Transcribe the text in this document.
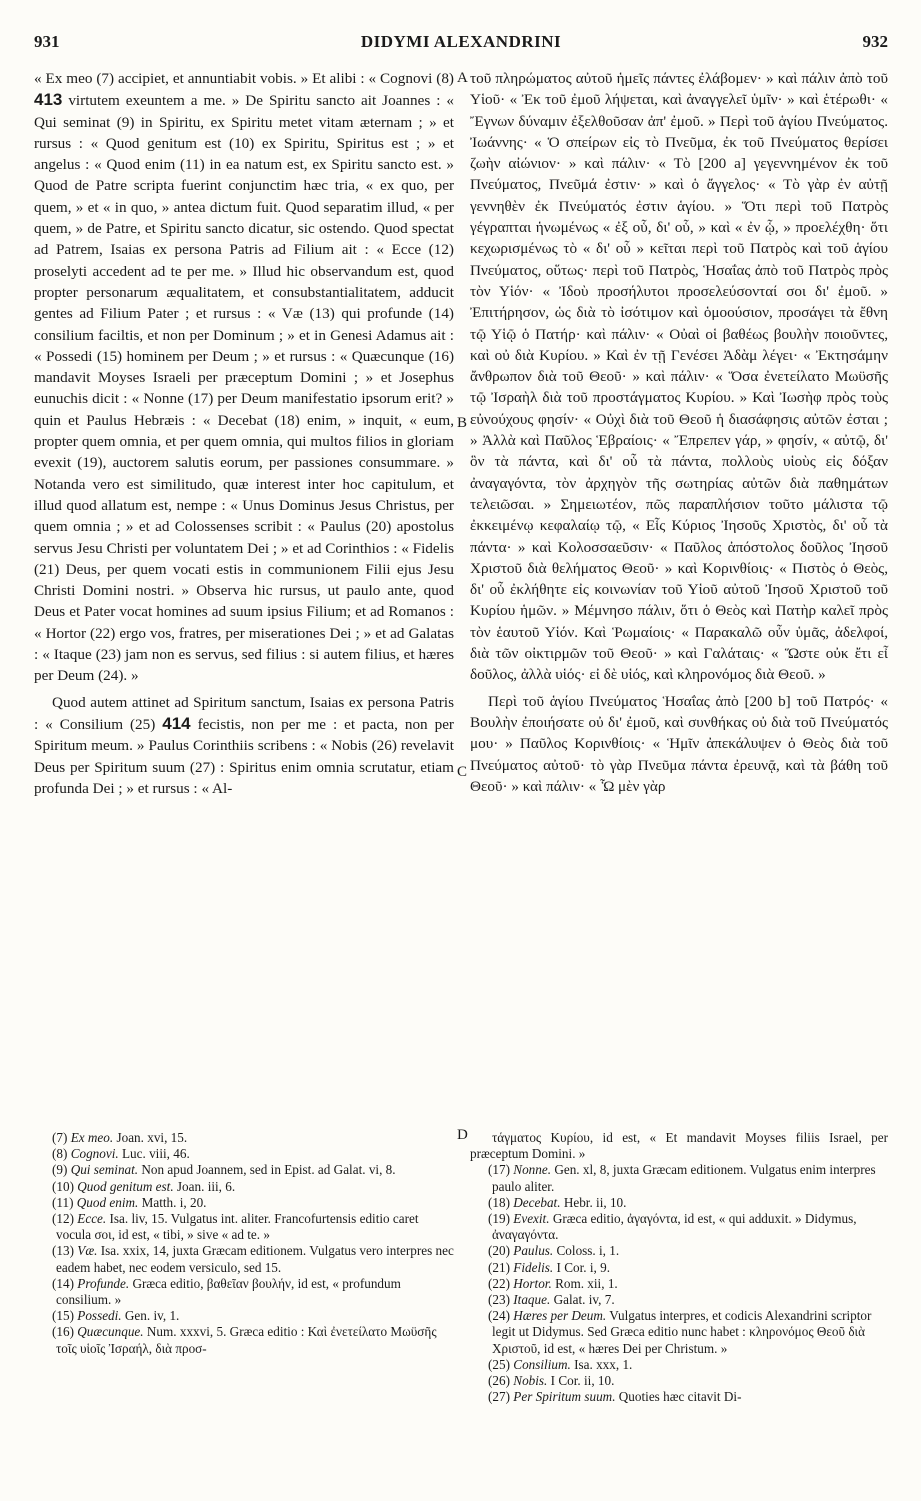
931	DIDYMI ALEXANDRINI	932
A
B
C
D

« Ex meo (7) accipiet, et annuntiabit vobis. » Et alibi : « Cognovi (8) 413 virtutem exeuntem a me. » De Spiritu sancto ait Joannes : « Qui seminat (9) in Spiritu, ex Spiritu metet vitam æternam ; » et rursus : « Quod genitum est (10) ex Spiritu, Spiritus est ; » et angelus : « Quod enim (11) in ea natum est, ex Spiritu sancto est. » Quod de Patre scripta fuerint conjunctim hæc tria, « ex quo, per quem, » et « in quo, » antea dictum fuit. Quod separatim illud, « per quem, » de Patre, et Spiritu sancto dicatur, sic ostendo. Quod spectat ad Patrem, Isaias ex persona Patris ad Filium ait : « Ecce (12) proselyti accedent ad te per me. » Illud hic observandum est, quod propter personarum æqualitatem, et consubstantialitatem, adducit gentes ad Filium Pater ; et rursus : « Væ (13) qui profunde (14) consilium faciltis, et non per Dominum ; » et in Genesi Adamus ait : « Possedi (15) hominem per Deum ; » et rursus : « Quæcunque (16) mandavit Moyses Israeli per præceptum Domini ; » et Josephus eunuchis dicit : « Nonne (17) per Deum manifestatio ipsorum erit? » quin et Paulus Hebræis : « Decebat (18) enim, » inquit, « eum, propter quem omnia, et per quem omnia, qui multos filios in gloriam evexit (19), auctorem salutis eorum, per passiones consummare. » Notanda vero est similitudo, quæ interest inter hoc capitulum, et illud quod allatum est, nempe : « Unus Dominus Jesus Christus, per quem omnia ; » et ad Colossenses scribit : « Paulus (20) apostolus servus Jesu Christi per voluntatem Dei ; » et ad Corinthios : « Fidelis (21) Deus, per quem vocati estis in communionem Filii ejus Jesu Christi Domini nostri. » Observa hic rursus, ut paulo ante, quod Deus et Pater vocat homines ad suum ipsius Filium; et ad Romanos : « Hortor (22) ergo vos, fratres, per miserationes Dei ; » et ad Galatas : « Itaque (23) jam non es servus, sed filius : si autem filius, et hæres per Deum (24). »

Quod autem attinet ad Spiritum sanctum, Isaias ex persona Patris : « Consilium (25) 414 fecistis, non per me : et pacta, non per Spiritum meum. » Paulus Corinthiis scribens : « Nobis (26) revelavit Deus per Spiritum suum (27) : Spiritus enim omnia scrutatur, etiam profunda Dei ; » et rursus : « Al-

τοῦ πληρώματος αὐτοῦ ἡμεῖς πάντες ἐλάβομεν· » καὶ πάλιν ἀπὸ τοῦ Υἱοῦ· « Ἐκ τοῦ ἐμοῦ λήψεται, καὶ ἀναγγελεῖ ὑμῖν· » καὶ ἑτέρωθι· « Ἔγνων δύναμιν ἐξελθοῦσαν ἀπ' ἐμοῦ. » Περὶ τοῦ ἁγίου Πνεύματος. Ἰωάννης· « Ὁ σπείρων εἰς τὸ Πνεῦμα, ἐκ τοῦ Πνεύματος θερίσει ζωὴν αἰώνιον· » καὶ πάλιν· « Τὸ [200 a] γεγεννημένον ἐκ τοῦ Πνεύματος, Πνεῦμά ἐστιν· » καὶ ὁ ἄγγελος· « Τὸ γὰρ ἐν αὐτῇ γεννηθὲν ἐκ Πνεύματός ἐστιν ἁγίου. » Ὅτι περὶ τοῦ Πατρὸς γέγραπται ἡνωμένως « ἐξ οὗ, δι' οὗ, » καὶ « ἐν ᾧ, » προελέχθη· ὅτι κεχωρισμένως τὸ « δι' οὗ » κεῖται περὶ τοῦ Πατρὸς καὶ τοῦ ἁγίου Πνεύματος, οὕτως· περὶ τοῦ Πατρὸς, Ἡσαΐας ἀπὸ τοῦ Πατρὸς πρὸς τὸν Υἱόν· « Ἰδοὺ προσήλυτοι προσελεύσονταί σοι δι' ἐμοῦ. » Ἐπιτήρησον, ὡς διὰ τὸ ἰσότιμον καὶ ὁμοούσιον, προσάγει τὰ ἔθνη τῷ Υἱῷ ὁ Πατήρ· καὶ πάλιν· « Οὐαὶ οἱ βαθέως βουλὴν ποιοῦντες, καὶ οὐ διὰ Κυρίου. » Καὶ ἐν τῇ Γενέσει Ἀδὰμ λέγει· « Ἐκτησάμην ἄνθρωπον διὰ τοῦ Θεοῦ· » καὶ πάλιν· « Ὅσα ἐνετείλατο Μωϋσῆς τῷ Ἰσραὴλ διὰ τοῦ προστάγματος Κυρίου. » Καὶ Ἰωσὴφ πρὸς τοὺς εὐνούχους φησίν· « Οὐχὶ διὰ τοῦ Θεοῦ ἡ διασάφησις αὐτῶν ἐσται ; » Ἀλλὰ καὶ Παῦλος Ἑβραίοις· « Ἔπρεπεν γάρ, » φησίν, « αὐτῷ, δι' ὃν τὰ πάντα, καὶ δι' οὗ τὰ πάντα, πολλοὺς υἱοὺς εἰς δόξαν ἀναγαγόντα, τὸν ἀρχηγὸν τῆς σωτηρίας αὐτῶν διὰ παθημάτων τελειῶσαι. » Σημειωτέον, πῶς παραπλήσιον τοῦτο μάλιστα τῷ ἐκκειμένῳ κεφαλαίῳ τῷ, « Εἷς Κύριος Ἰησοῦς Χριστὸς, δι' οὗ τὰ πάντα· » καὶ Κολοσσαεῦσιν· « Παῦλος ἀπόστολος δοῦλος Ἰησοῦ Χριστοῦ διὰ θελήματος Θεοῦ· » καὶ Κορινθίοις· « Πιστὸς ὁ Θεὸς, δι' οὗ ἐκλήθητε εἰς κοινωνίαν τοῦ Υἱοῦ αὐτοῦ Ἰησοῦ Χριστοῦ τοῦ Κυρίου ἡμῶν. » Μέμνησο πάλιν, ὅτι ὁ Θεὸς καὶ Πατὴρ καλεῖ πρὸς τὸν ἑαυτοῦ Υἱόν. Καὶ Ῥωμαίοις· « Παρακαλῶ οὖν ὑμᾶς, ἀδελφοί, διὰ τῶν οἰκτιρμῶν τοῦ Θεοῦ· » καὶ Γαλάταις· « Ὥστε οὐκ ἔτι εἶ δοῦλος, ἀλλὰ υἱός· εἰ δὲ υἱός, καὶ κληρονόμος διὰ Θεοῦ. »

Περὶ τοῦ ἁγίου Πνεύματος Ἡσαΐας ἀπὸ [200 b] τοῦ Πατρός· « Βουλὴν ἐποιήσατε οὐ δι' ἐμοῦ, καὶ συνθήκας οὐ διὰ τοῦ Πνεύματός μου· » Παῦλος Κορινθίοις· « Ἡμῖν ἀπεκάλυψεν ὁ Θεὸς διὰ τοῦ Πνεύματος αὐτοῦ· τὸ γὰρ Πνεῦμα πάντα ἐρευνᾷ, καὶ τὰ βάθη τοῦ Θεοῦ· » καὶ πάλιν· « Ὧ μὲν γὰρ

(7) Ex meo. Joan. xvi, 15.

(8) Cognovi. Luc. viii, 46.

(9) Qui seminat. Non apud Joannem, sed in Epist. ad Galat. vi, 8.

(10) Quod genitum est. Joan. iii, 6.

(11) Quod enim. Matth. i, 20.

(12) Ecce. Isa. liv, 15. Vulgatus int. aliter. Francofurtensis editio caret vocula σοι, id est, « tibi, » sive « ad te. »

(13) Væ. Isa. xxix, 14, juxta Græcam editionem. Vulgatus vero interpres nec eadem habet, nec eodem versiculo, sed 15.

(14) Profunde. Græca editio, βαθεῖαν βουλήν, id est, « profundum consilium. »

(15) Possedi. Gen. iv, 1.

(16) Quæcunque. Num. xxxvi, 5. Græca editio : Καὶ ἐνετείλατο Μωϋσῆς τοῖς υἱοῖς Ἰσραήλ, διὰ προσ-

τάγματος Κυρίου, id est, « Et mandavit Moyses filiis Israel, per præceptum Domini. »

(17) Nonne. Gen. xl, 8, juxta Græcam editionem. Vulgatus enim interpres paulo aliter.

(18) Decebat. Hebr. ii, 10.

(19) Evexit. Græca editio, ἀγαγόντα, id est, « qui adduxit. » Didymus, ἀναγαγόντα.

(20) Paulus. Coloss. i, 1.

(21) Fidelis. I Cor. i, 9.

(22) Hortor. Rom. xii, 1.

(23) Itaque. Galat. iv, 7.

(24) Hæres per Deum. Vulgatus interpres, et codicis Alexandrini scriptor legit ut Didymus. Sed Græca editio nunc habet : κληρονόμος Θεοῦ διὰ Χριστοῦ, id est, « hæres Dei per Christum. »

(25) Consilium. Isa. xxx, 1.

(26) Nobis. I Cor. ii, 10.

(27) Per Spiritum suum. Quoties hæc citavit Di-
